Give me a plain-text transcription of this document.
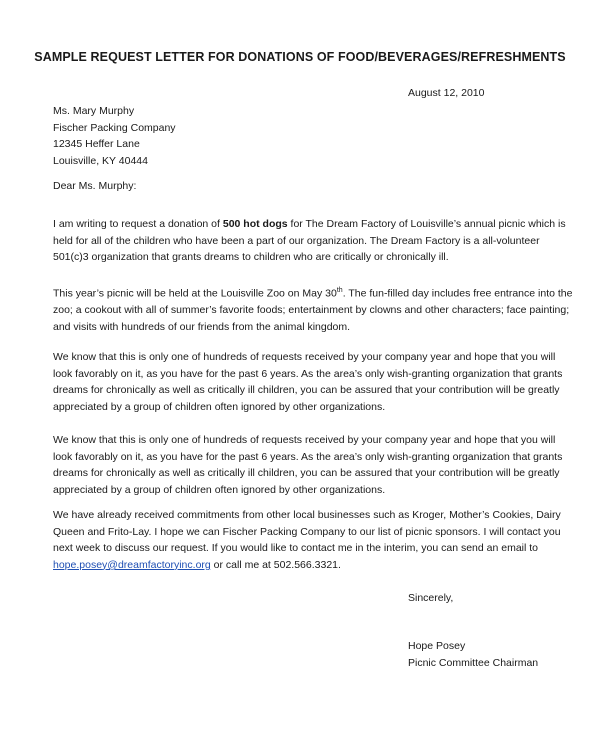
SAMPLE REQUEST LETTER FOR DONATIONS OF FOOD/BEVERAGES/REFRESHMENTS
August 12, 2010
Ms. Mary Murphy
Fischer Packing Company
12345 Heffer Lane
Louisville, KY 40444
Dear Ms. Murphy:
I am writing to request a donation of 500 hot dogs for The Dream Factory of Louisville’s annual picnic which is
held for all of the children who have been a part of our organization. The Dream Factory is a all-volunteer
501(c)3 organization that grants dreams to children who are critically or chronically ill.
This year’s picnic will be held at the Louisville Zoo on May 30th. The fun-filled day includes free entrance into the
zoo; a cookout with all of summer’s favorite foods; entertainment by clowns and other characters; face painting;
and visits with hundreds of our friends from the animal kingdom.
We know that this is only one of hundreds of requests received by your company year and hope that you will
look favorably on it, as you have for the past 6 years. As the area’s only wish-granting organization that grants
dreams for chronically as well as critically ill children, you can be assured that your contribution will be greatly
appreciated by a group of children often ignored by other organizations.
We know that this is only one of hundreds of requests received by your company year and hope that you will
look favorably on it, as you have for the past 6 years. As the area’s only wish-granting organization that grants
dreams for chronically as well as critically ill children, you can be assured that your contribution will be greatly
appreciated by a group of children often ignored by other organizations.
We have already received commitments from other local businesses such as Kroger, Mother’s Cookies, Dairy
Queen and Frito-Lay. I hope we can Fischer Packing Company to our list of picnic sponsors. I will contact you
next week to discuss our request. If you would like to contact me in the interim, you can send an email to
hope.posey@dreamfactoryinc.org or call me at 502.566.3321.
Sincerely,
Hope Posey
Picnic Committee Chairman
